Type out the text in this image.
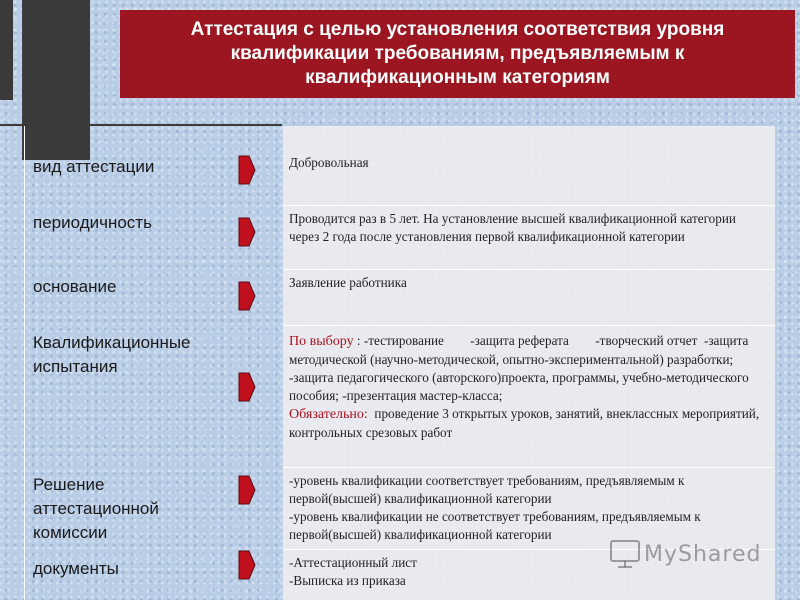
Аттестация с целью установления соответствия уровня квалификации требованиям, предъявляемым к квалификационным категориям
вид аттестации
периодичность
основание
Квалификационные испытания
Решение аттестационной комиссии
документы
Добровольная
Проводится раз в 5 лет. На установление высшей квалификационной категории через 2 года после установления первой квалификационной категории
Заявление работника
По выбору : -тестирование        -защита реферата        -творческий отчет  -защита методической (научно-методической, опытно-экспериментальной) разработки;      -защита педагогического (авторского)проекта, программы, учебно-методического пособия; -презентация мастер-класса;
Обязательно:  проведение 3 открытых уроков, занятий, внеклассных мероприятий, контрольных срезовых работ
-уровень квалификации соответствует требованиям, предъявляемым к первой(высшей) квалификационной категории
-уровень квалификации не соответствует требованиям, предъявляемым к первой(высшей) квалификационной категории
-Аттестационный лист
-Выписка из приказа
MyShared
